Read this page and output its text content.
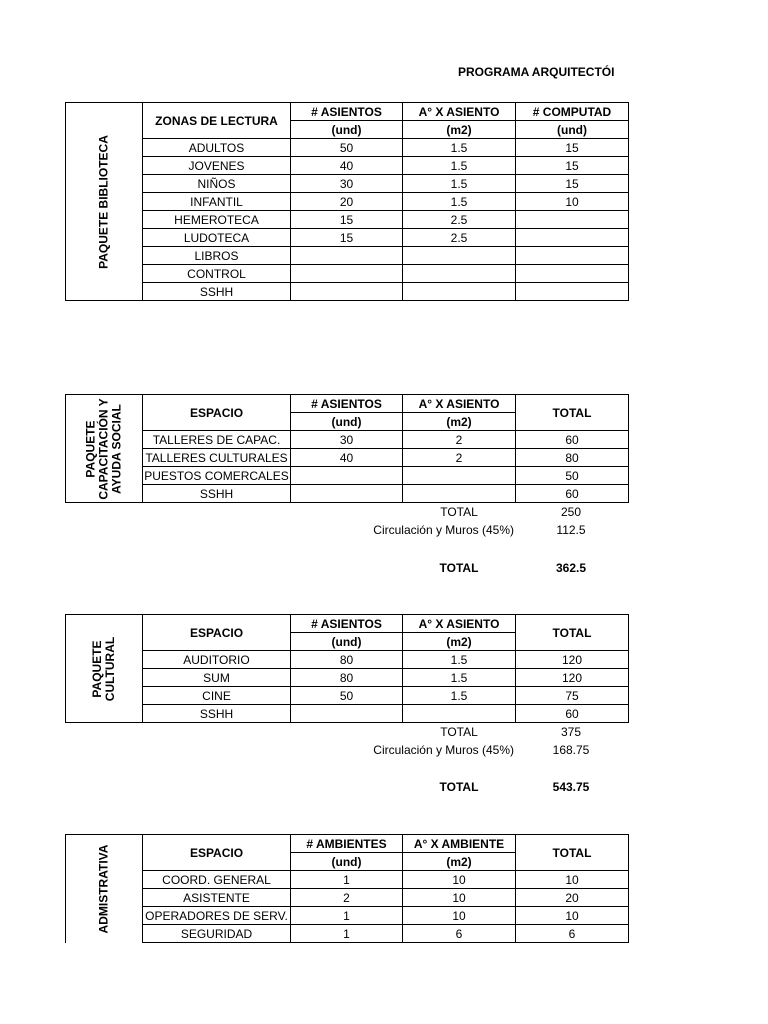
PROGRAMA ARQUITECTÓI
PAQUETE BIBLIOTECA	ZONAS DE LECTURA	# ASIENTOS	A° X ASIENTO	# COMPUTAD
		(und)	(m2)	(und)
	ADULTOS	50	1.5	15
	JOVENES	40	1.5	15
	NIÑOS	30	1.5	15
	INFANTIL	20	1.5	10
	HEMEROTECA	15	2.5	
	LUDOTECA	15	2.5	
	LIBROS			
	CONTROL			
	SSHH			
PAQUETE CAPACITACIÓN Y AYUDA SOCIAL	ESPACIO	# ASIENTOS	A° X ASIENTO	TOTAL
		(und)	(m2)	
	TALLERES DE CAPAC.	30	2	60
	TALLERES CULTURALES	40	2	80
	PUESTOS COMERCALES			50
	SSHH			60
TOTAL	250
Circulación y Muros (45%)	112.5
TOTAL	362.5
PAQUETE CULTURAL	ESPACIO	# ASIENTOS	A° X ASIENTO	TOTAL
		(und)	(m2)	
	AUDITORIO	80	1.5	120
	SUM	80	1.5	120
	CINE	50	1.5	75
	SSHH			60
TOTAL	375
Circulación y Muros (45%)	168.75
TOTAL	543.75
ADMISTRATIVA	ESPACIO	# AMBIENTES	A° X AMBIENTE	TOTAL
		(und)	(m2)	
	COORD. GENERAL	1	10	10
	ASISTENTE	2	10	20
	OPERADORES DE SERV.	1	10	10
	SEGURIDAD	1	6	6
